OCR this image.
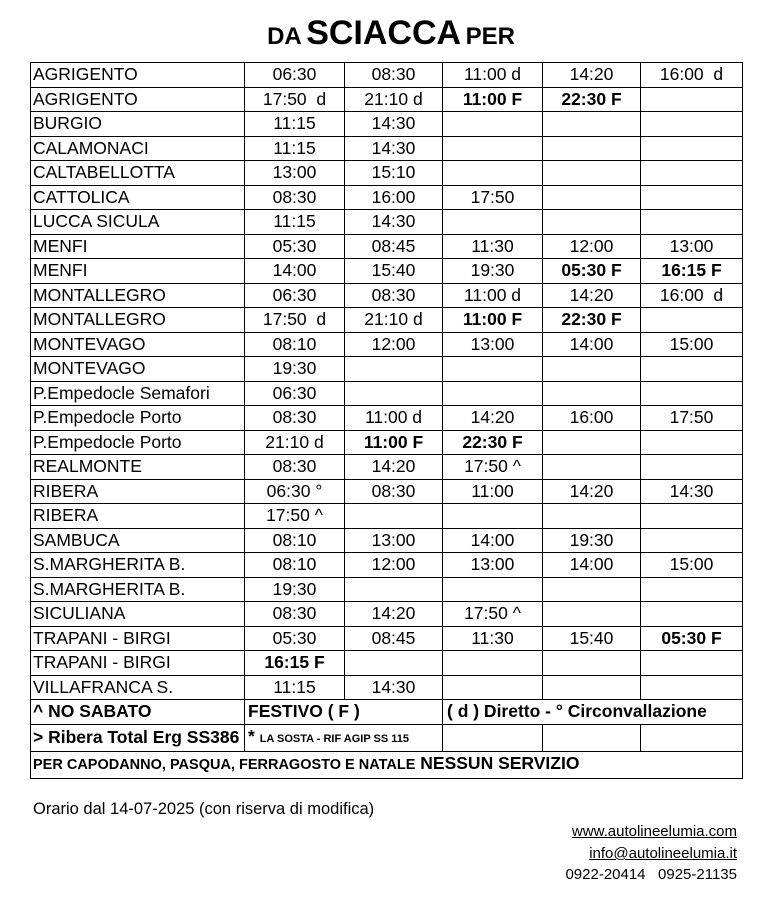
DA SCIACCA PER
AGRIGENTO	06:30	08:30	11:00 d	14:20	16:00  d
AGRIGENTO	17:50  d	21:10 d	11:00 F	22:30 F	
BURGIO	11:15	14:30			
CALAMONACI	11:15	14:30			
CALTABELLOTTA	13:00	15:10			
CATTOLICA	08:30	16:00	17:50		
LUCCA SICULA	11:15	14:30			
MENFI	05:30	08:45	11:30	12:00	13:00
MENFI	14:00	15:40	19:30	05:30 F	16:15 F
MONTALLEGRO	06:30	08:30	11:00 d	14:20	16:00  d
MONTALLEGRO	17:50  d	21:10 d	11:00 F	22:30 F	
MONTEVAGO	08:10	12:00	13:00	14:00	15:00
MONTEVAGO	19:30				
P.Empedocle Semafori	06:30				
P.Empedocle Porto	08:30	11:00 d	14:20	16:00	17:50
P.Empedocle Porto	21:10 d	11:00 F	22:30 F		
REALMONTE	08:30	14:20	17:50 ^		
RIBERA	06:30 °	08:30	11:00	14:20	14:30
RIBERA	17:50 ^				
SAMBUCA	08:10	13:00	14:00	19:30	
S.MARGHERITA B.	08:10	12:00	13:00	14:00	15:00
S.MARGHERITA B.	19:30				
SICULIANA	08:30	14:20	17:50 ^		
TRAPANI - BIRGI	05:30	08:45	11:30	15:40	05:30 F
TRAPANI - BIRGI	16:15 F				
VILLAFRANCA S.	11:15	14:30			
^ NO SABATO	FESTIVO ( F )		( d ) Diretto - ° Circonvallazione		
> Ribera Total Erg SS386	* LA SOSTA - RIF AGIP SS 115				
PER CAPODANNO, PASQUA, FERRAGOSTO E NATALE NESSUN SERVIZIO					
Orario dal 14-07-2025 (con riserva di modifica)
www.autolineelumia.com
info@autolineelumia.it
0922-20414   0925-21135
